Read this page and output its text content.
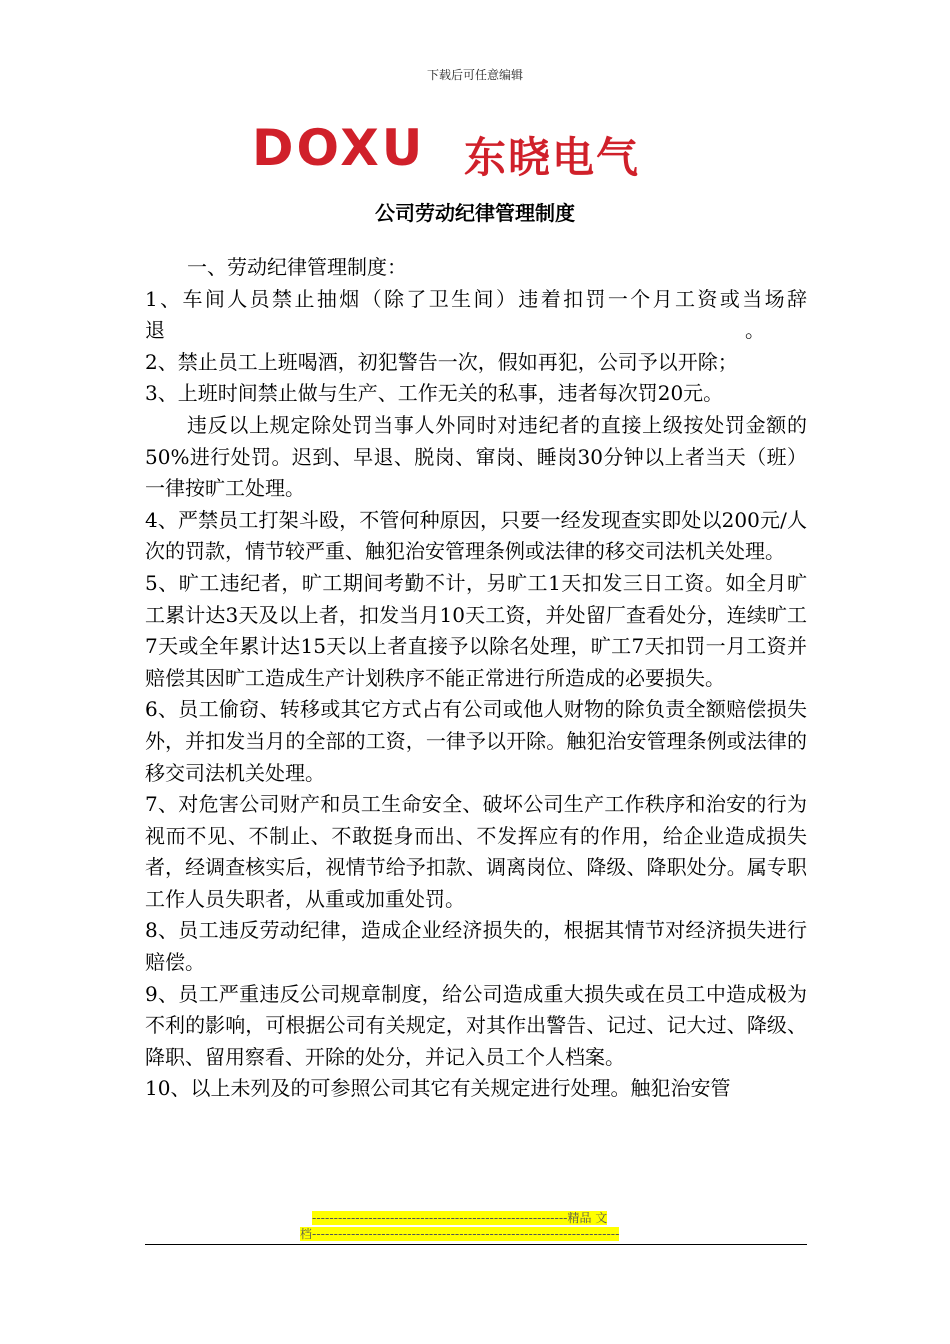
下载后可任意编辑
DOXU 东晓电气
公司劳动纪律管理制度

一、劳动纪律管理制度：

1、车间人员禁止抽烟（除了卫生间）违着扣罚一个月工资或当场辞退　　　　　　　　　　　　　　　　　　　　　　　　　　　　　。

2、禁止员工上班喝酒，初犯警告一次，假如再犯，公司予以开除；

3、上班时间禁止做与生产、工作无关的私事，违者每次罚20元。

违反以上规定除处罚当事人外同时对违纪者的直接上级按处罚金额的50%进行处罚。迟到、早退、脱岗、窜岗、睡岗30分钟以上者当天（班）一律按旷工处理。

4、严禁员工打架斗殴，不管何种原因，只要一经发现查实即处以200元/人次的罚款，情节较严重、触犯治安管理条例或法律的移交司法机关处理。

5、旷工违纪者，旷工期间考勤不计，另旷工1天扣发三日工资。如全月旷工累计达3天及以上者，扣发当月10天工资，并处留厂查看处分，连续旷工7天或全年累计达15天以上者直接予以除名处理，旷工7天扣罚一月工资并赔偿其因旷工造成生产计划秩序不能正常进行所造成的必要损失。

6、员工偷窃、转移或其它方式占有公司或他人财物的除负责全额赔偿损失外，并扣发当月的全部的工资，一律予以开除。触犯治安管理条例或法律的移交司法机关处理。

7、对危害公司财产和员工生命安全、破坏公司生产工作秩序和治安的行为视而不见、不制止、不敢挺身而出、不发挥应有的作用，给企业造成损失者，经调查核实后，视情节给予扣款、调离岗位、降级、降职处分。属专职工作人员失职者，从重或加重处罚。

8、员工违反劳动纪律，造成企业经济损失的，根据其情节对经济损失进行赔偿。

9、员工严重违反公司规章制度，给公司造成重大损失或在员工中造成极为不利的影响，可根据公司有关规定，对其作出警告、记过、记大过、降级、降职、留用察看、开除的处分，并记入员工个人档案。

10、以上未列及的可参照公司其它有关规定进行处理。触犯治安管

-----------------------------------------------------------精品 文
档-----------------------------------------------------------------------
